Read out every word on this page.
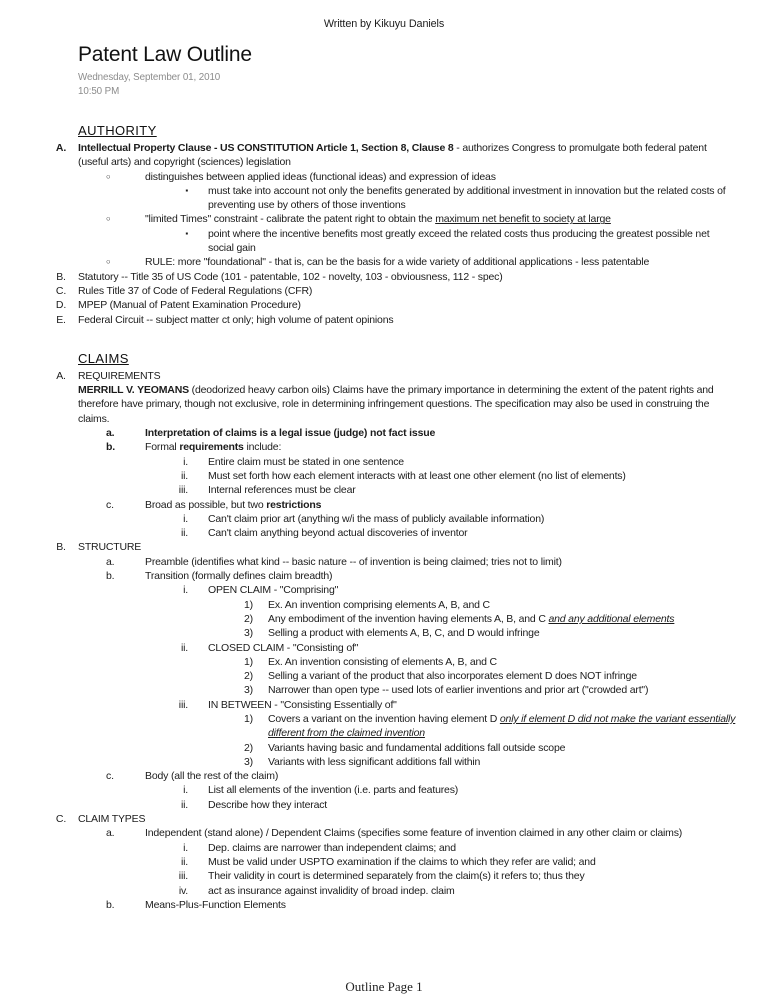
Written by Kikuyu Daniels
Patent Law Outline
Wednesday, September 01, 2010
10:50 PM
AUTHORITY
A.	Intellectual Property Clause - US CONSTITUTION Article 1, Section 8, Clause 8 - authorizes Congress to promulgate both federal patent (useful arts) and copyright (sciences) legislation
○	distinguishes between applied ideas (functional ideas) and expression of ideas
▪	must take into account not only the benefits generated by additional investment in innovation but the related costs of preventing use by others of those inventions
○	"limited Times" constraint - calibrate the patent right to obtain the maximum net benefit to society at large
▪	point where the incentive benefits most greatly exceed the related costs thus producing the greatest possible net social gain
○	RULE: more "foundational" - that is, can be the basis for a wide variety of additional applications - less patentable
B.	Statutory -- Title 35 of US Code (101 - patentable, 102 - novelty, 103 - obviousness, 112 - spec)
C.	Rules Title 37 of Code of Federal Regulations (CFR)
D.	MPEP (Manual of Patent Examination Procedure)
E.	Federal Circuit -- subject matter ct only; high volume of patent opinions
CLAIMS
A.	REQUIREMENTS
MERRILL V. YEOMANS (deodorized heavy carbon oils) Claims have the primary importance in determining the extent of the patent rights and therefore have primary, though not exclusive, role in determining infringement questions. The specification may also be used in construing the claims.
a.	Interpretation of claims is a legal issue (judge) not fact issue
b.	Formal requirements include:
i.	Entire claim must be stated in one sentence
ii.	Must set forth how each element interacts with at least one other element (no list of elements)
iii.	Internal references must be clear
c.	Broad as possible, but two restrictions
i.	Can't claim prior art (anything w/i the mass of publicly available information)
ii.	Can't claim anything beyond actual discoveries of inventor
B.	STRUCTURE
a.	Preamble (identifies what kind -- basic nature -- of invention is being claimed; tries not to limit)
b.	Transition (formally defines claim breadth)
i.	OPEN CLAIM - "Comprising"
1)	Ex. An invention comprising elements A, B, and C
2)	Any embodiment of the invention having elements A, B, and C and any additional elements
3)	Selling a product with elements A, B, C, and D would infringe
ii.	CLOSED CLAIM - "Consisting of"
1)	Ex. An invention consisting of elements A, B, and C
2)	Selling a variant of the product that also incorporates element D does NOT infringe
3)	Narrower than open type -- used lots of earlier inventions and prior art ("crowded art")
iii.	IN BETWEEN - "Consisting Essentially of"
1)	Covers a variant on the invention having element D only if element D did not make the variant essentially different from the claimed invention
2)	Variants having basic and fundamental additions fall outside scope
3)	Variants with less significant additions fall within
c.	Body (all the rest of the claim)
i.	List all elements of the invention (i.e. parts and features)
ii.	Describe how they interact
C.	CLAIM TYPES
a.	Independent (stand alone) / Dependent Claims (specifies some feature of invention claimed in any other claim or claims)
i.	Dep. claims are narrower than independent claims; and
ii.	Must be valid under USPTO examination if the claims to which they refer are valid; and
iii.	Their validity in court is determined separately from the claim(s) it refers to; thus they
iv.	act as insurance against invalidity of broad indep. claim
b.	Means-Plus-Function Elements
Outline Page 1
